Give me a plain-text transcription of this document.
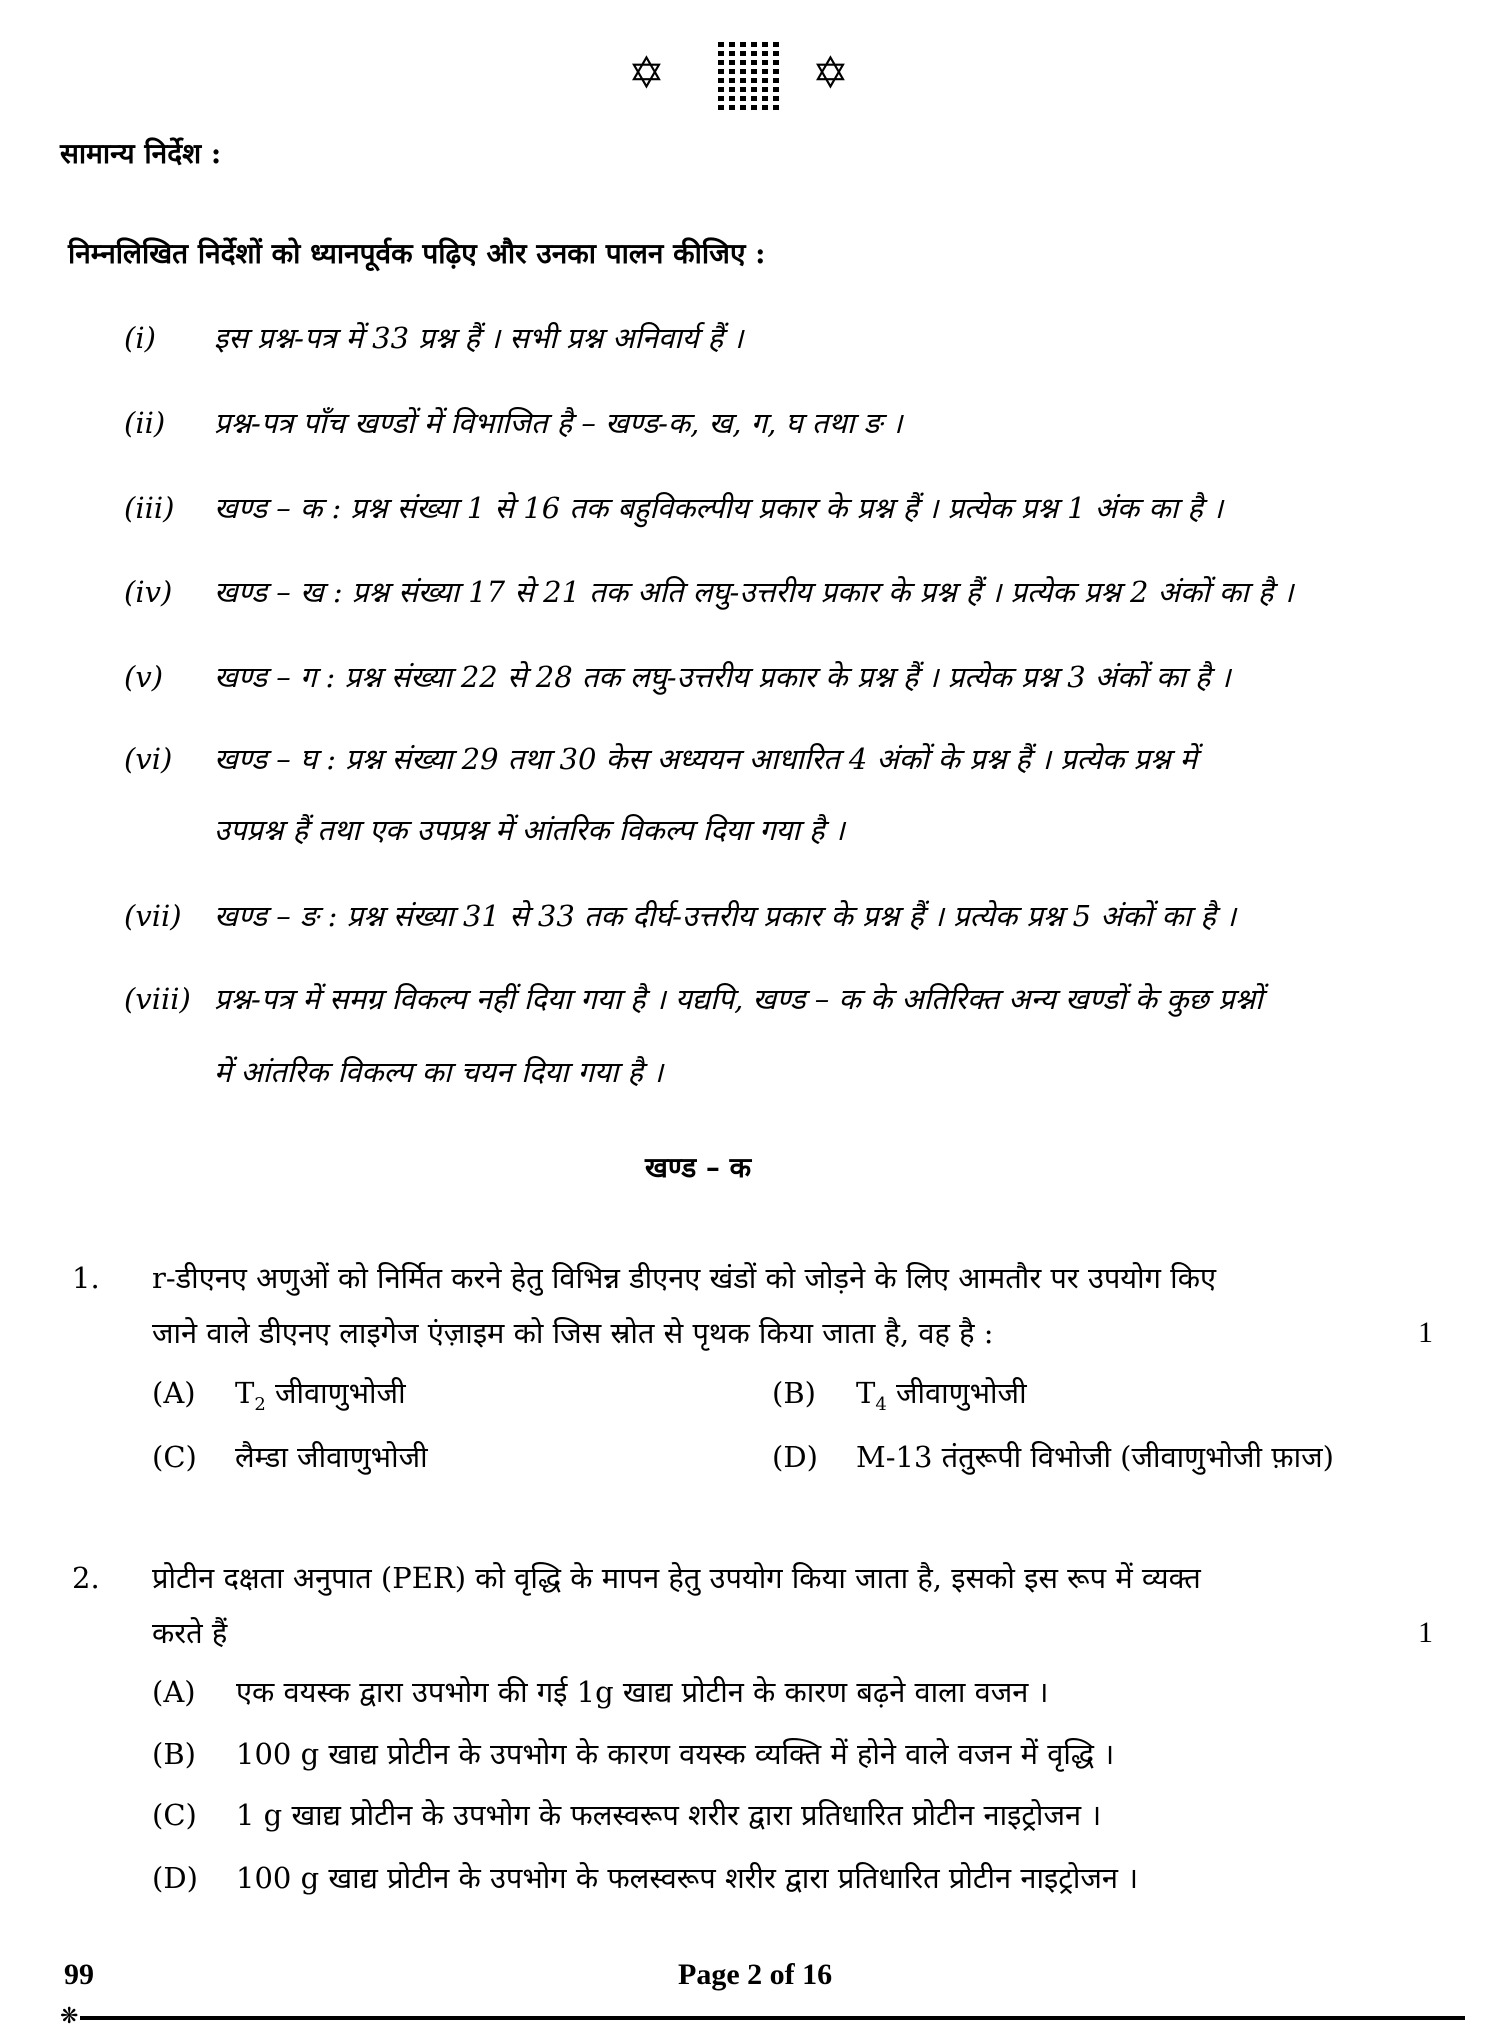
✡	✡
सामान्य निर्देश :
निम्नलिखित निर्देशों को ध्यानपूर्वक पढ़िए और उनका पालन कीजिए :
(i) इस प्रश्न-पत्र में 33 प्रश्न हैं । सभी प्रश्न अनिवार्य हैं ।
(ii) प्रश्न-पत्र पाँच खण्डों में विभाजित है – खण्ड-क, ख, ग, घ तथा ङ ।
(iii) खण्ड – क : प्रश्न संख्या 1 से 16 तक बहुविकल्पीय प्रकार के प्रश्न हैं । प्रत्येक प्रश्न 1 अंक का है ।
(iv) खण्ड – ख : प्रश्न संख्या 17 से 21 तक अति लघु-उत्तरीय प्रकार के प्रश्न हैं । प्रत्येक प्रश्न 2 अंकों का है ।
(v) खण्ड – ग : प्रश्न संख्या 22 से 28 तक लघु-उत्तरीय प्रकार के प्रश्न हैं । प्रत्येक प्रश्न 3 अंकों का है ।
(vi) खण्ड – घ : प्रश्न संख्या 29 तथा 30 केस अध्ययन आधारित 4 अंकों के प्रश्न हैं । प्रत्येक प्रश्न में
उपप्रश्न हैं तथा एक उपप्रश्न में आंतरिक विकल्प दिया गया है ।
(vii) खण्ड – ङ : प्रश्न संख्या 31 से 33 तक दीर्घ-उत्तरीय प्रकार के प्रश्न हैं । प्रत्येक प्रश्न 5 अंकों का है ।
(viii) प्रश्न-पत्र में समग्र विकल्प नहीं दिया गया है । यद्यपि, खण्ड – क के अतिरिक्त अन्य खण्डों के कुछ प्रश्नों
में आंतरिक विकल्प का चयन दिया गया है ।
खण्ड – क
1. r-डीएनए अणुओं को निर्मित करने हेतु विभिन्न डीएनए खंडों को जोड़ने के लिए आमतौर पर उपयोग किए
जाने वाले डीएनए लाइगेज एंज़ाइम को जिस स्रोत से पृथक किया जाता है, वह है :	1
(A) $T_2$ जीवाणुभोजी	(B) $T_4$ जीवाणुभोजी
(C) लैम्डा जीवाणुभोजी	(D) M-13 तंतुरूपी विभोजी (जीवाणुभोजी फ़ाज)
2. प्रोटीन दक्षता अनुपात (PER) को वृद्धि के मापन हेतु उपयोग किया जाता है, इसको इस रूप में व्यक्त
करते हैं	1
(A) एक वयस्क द्वारा उपभोग की गई 1g खाद्य प्रोटीन के कारण बढ़ने वाला वजन ।
(B) 100 g खाद्य प्रोटीन के उपभोग के कारण वयस्क व्यक्ति में होने वाले वजन में वृद्धि ।
(C) 1 g खाद्य प्रोटीन के उपभोग के फलस्वरूप शरीर द्वारा प्रतिधारित प्रोटीन नाइट्रोजन ।
(D) 100 g खाद्य प्रोटीन के उपभोग के फलस्वरूप शरीर द्वारा प्रतिधारित प्रोटीन नाइट्रोजन ।
99	Page 2 of 16
❋
